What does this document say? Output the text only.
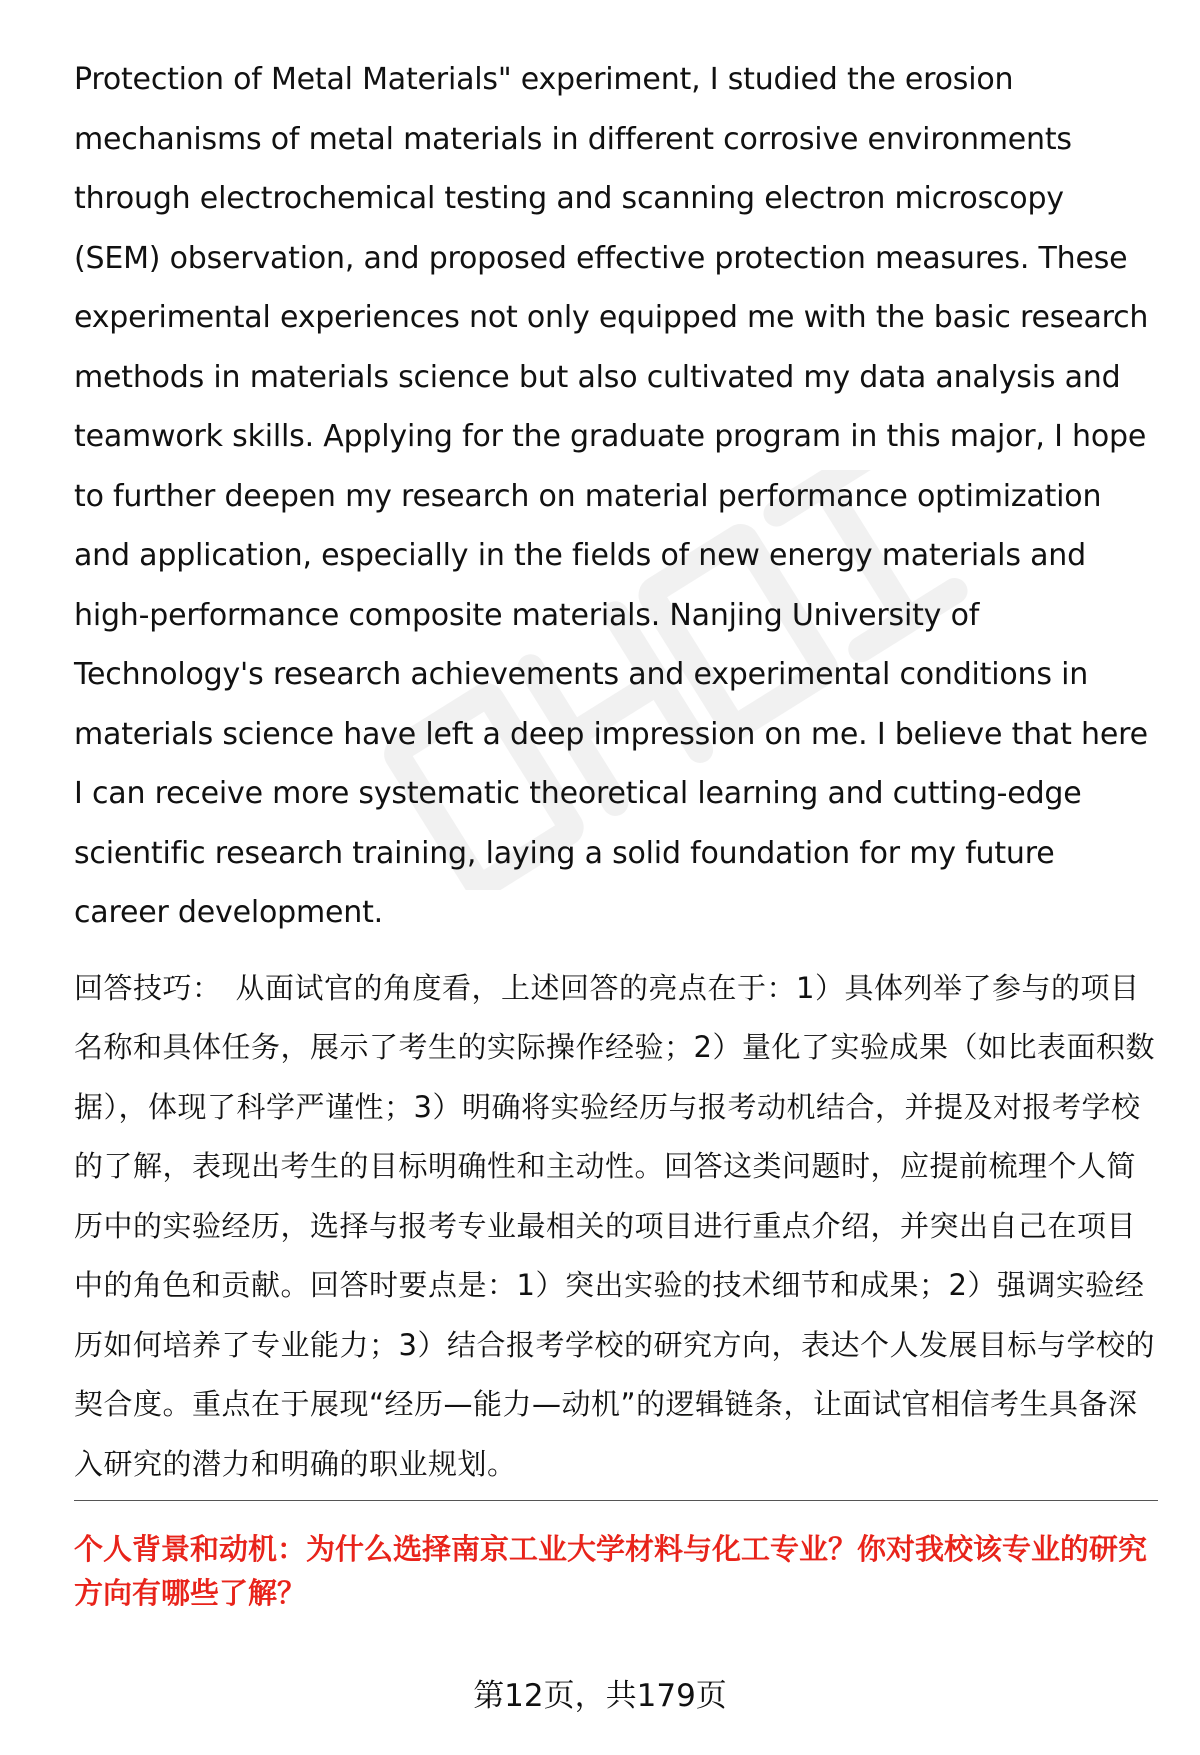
Protection of Metal Materials" experiment, I studied the erosion mechanisms of metal materials in different corrosive environments through electrochemical testing and scanning electron microscopy (SEM) observation, and proposed effective protection measures. These experimental experiences not only equipped me with the basic research methods in materials science but also cultivated my data analysis and teamwork skills. Applying for the graduate program in this major, I hope to further deepen my research on material performance optimization and application, especially in the fields of new energy materials and high-performance composite materials. Nanjing University of Technology's research achievements and experimental conditions in materials science have left a deep impression on me. I believe that here I can receive more systematic theoretical learning and cutting-edge scientific research training, laying a solid foundation for my future career development.

回答技巧： 从面试官的角度看，上述回答的亮点在于：1）具体列举了参与的项目名称和具体任务，展示了考生的实际操作经验；2）量化了实验成果（如比表面积数据），体现了科学严谨性；3）明确将实验经历与报考动机结合，并提及对报考学校的了解，表现出考生的目标明确性和主动性。回答这类问题时，应提前梳理个人简历中的实验经历，选择与报考专业最相关的项目进行重点介绍，并突出自己在项目中的角色和贡献。回答时要点是：1）突出实验的技术细节和成果；2）强调实验经历如何培养了专业能力；3）结合报考学校的研究方向，表达个人发展目标与学校的契合度。重点在于展现“经历—能力—动机”的逻辑链条，让面试官相信考生具备深入研究的潜力和明确的职业规划。

个人背景和动机：为什么选择南京工业大学材料与化工专业？你对我校该专业的研究方向有哪些了解？

第12页，共179页
